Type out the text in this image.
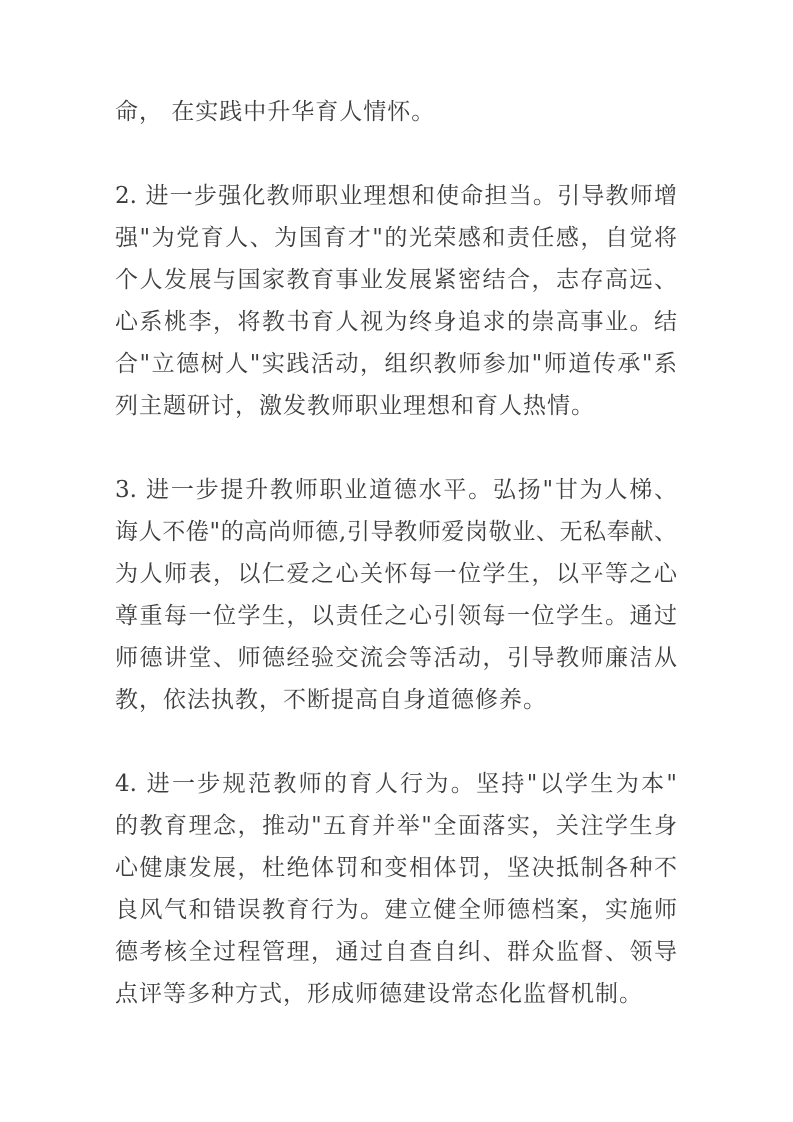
命， 在实践中升华育人情怀。
2. 进一步强化教师职业理想和使命担当。引导教师增
强"为党育人、为国育才"的光荣感和责任感，自觉将
个人发展与国家教育事业发展紧密结合，志存高远、
心系桃李，将教书育人视为终身追求的崇高事业。结
合"立德树人"实践活动，组织教师参加"师道传承"系
列主题研讨，激发教师职业理想和育人热情。
3. 进一步提升教师职业道德水平。弘扬"甘为人梯、
诲人不倦"的高尚师德,引导教师爱岗敬业、无私奉献、
为人师表，以仁爱之心关怀每一位学生，以平等之心
尊重每一位学生，以责任之心引领每一位学生。通过
师德讲堂、师德经验交流会等活动，引导教师廉洁从
教，依法执教，不断提高自身道德修养。
4. 进一步规范教师的育人行为。坚持"以学生为本"
的教育理念，推动"五育并举"全面落实，关注学生身
心健康发展，杜绝体罚和变相体罚，坚决抵制各种不
良风气和错误教育行为。建立健全师德档案，实施师
德考核全过程管理，通过自查自纠、群众监督、领导
点评等多种方式，形成师德建设常态化监督机制。
